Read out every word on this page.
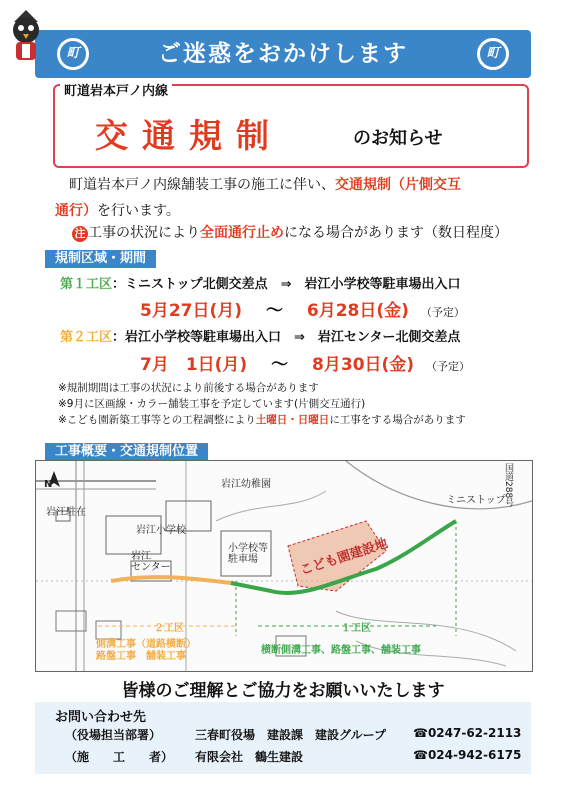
ご迷惑をおかけします
町	町
町道岩本戸ノ内線
交通規制	のお知らせ
町道岩本戸ノ内線舗装工事の施工に伴い、交通規制（片側交互
通行）を行います。
注 工事の状況により全面通行止めになる場合があります（数日程度）
規制区域・期間
第１工区：ミニストップ北側交差点　⇒　岩江小学校等駐車場出入口
5月27日(月) ～ 6月28日(金) （予定）
第２工区：岩江小学校等駐車場出入口　⇒　岩江センター北側交差点
7月　1日(月) ～ 8月30日(金) （予定）
※規制期間は工事の状況により前後する場合があります
※9月に区画線・カラー舗装工事を予定しています(片側交互通行)
※こども園新築工事等との工程調整により土曜日・日曜日に工事をする場合があります
工事概要・交通規制位置
N	岩江幼稚園
岩江駐在
岩江小学校
岩江
センター
小学校等
駐車場
ミニストップ
国道288号
こども園建設地
２工区
側溝工事（道路横断）
路盤工事　舗装工事
１工区
横断側溝工事、路盤工事、舗装工事
皆様のご理解とご協力をお願いいたします
お問い合わせ先
（役場担当部署）	三春町役場　建設課　建設グループ ☎0247-62-2113
（施　　工　　者） 有限会社　鶴生建設	☎024-942-6175
